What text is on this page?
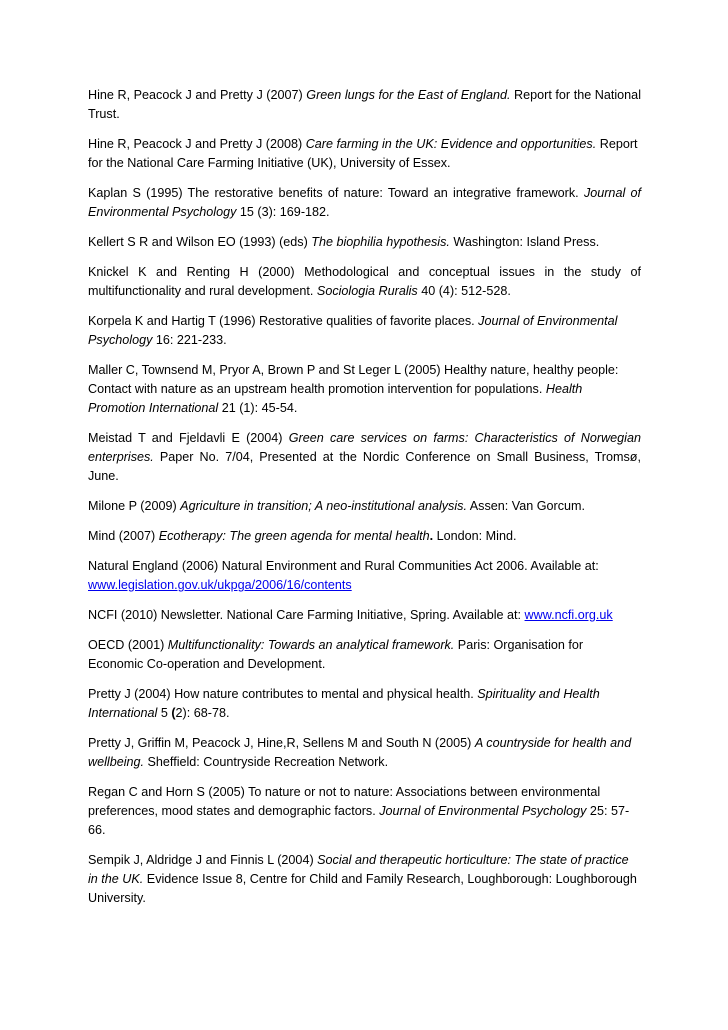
Hine R, Peacock J and Pretty J (2007) Green lungs for the East of England. Report for the National Trust.

Hine R, Peacock J and Pretty J (2008) Care farming in the UK: Evidence and opportunities. Report for the National Care Farming Initiative (UK), University of Essex.

Kaplan S (1995) The restorative benefits of nature: Toward an integrative framework. Journal of Environmental Psychology 15 (3): 169-182.

Kellert S R and Wilson EO (1993) (eds) The biophilia hypothesis. Washington: Island Press.

Knickel K and Renting H (2000) Methodological and conceptual issues in the study of multifunctionality and rural development. Sociologia Ruralis 40 (4): 512-528.

Korpela K and Hartig T (1996) Restorative qualities of favorite places. Journal of Environmental Psychology 16: 221-233.

Maller C, Townsend M, Pryor A, Brown P and St Leger L (2005) Healthy nature, healthy people: Contact with nature as an upstream health promotion intervention for populations. Health Promotion International 21 (1): 45-54.

Meistad T and Fjeldavli E (2004) Green care services on farms: Characteristics of Norwegian enterprises. Paper No. 7/04, Presented at the Nordic Conference on Small Business, Tromsø, June.

Milone P (2009) Agriculture in transition; A neo-institutional analysis. Assen: Van Gorcum.

Mind (2007) Ecotherapy: The green agenda for mental health. London: Mind.

Natural England (2006) Natural Environment and Rural Communities Act 2006. Available at: www.legislation.gov.uk/ukpga/2006/16/contents

NCFI (2010) Newsletter. National Care Farming Initiative, Spring. Available at: www.ncfi.org.uk

OECD (2001) Multifunctionality: Towards an analytical framework. Paris: Organisation for Economic Co-operation and Development.

Pretty J (2004) How nature contributes to mental and physical health. Spirituality and Health International 5 (2): 68-78.

Pretty J, Griffin M, Peacock J, Hine,R, Sellens M and South N (2005) A countryside for health and wellbeing. Sheffield: Countryside Recreation Network.

Regan C and Horn S (2005) To nature or not to nature: Associations between environmental preferences, mood states and demographic factors. Journal of Environmental Psychology 25: 57-66.

Sempik J, Aldridge J and Finnis L (2004) Social and therapeutic horticulture: The state of practice in the UK. Evidence Issue 8, Centre for Child and Family Research, Loughborough: Loughborough University.
